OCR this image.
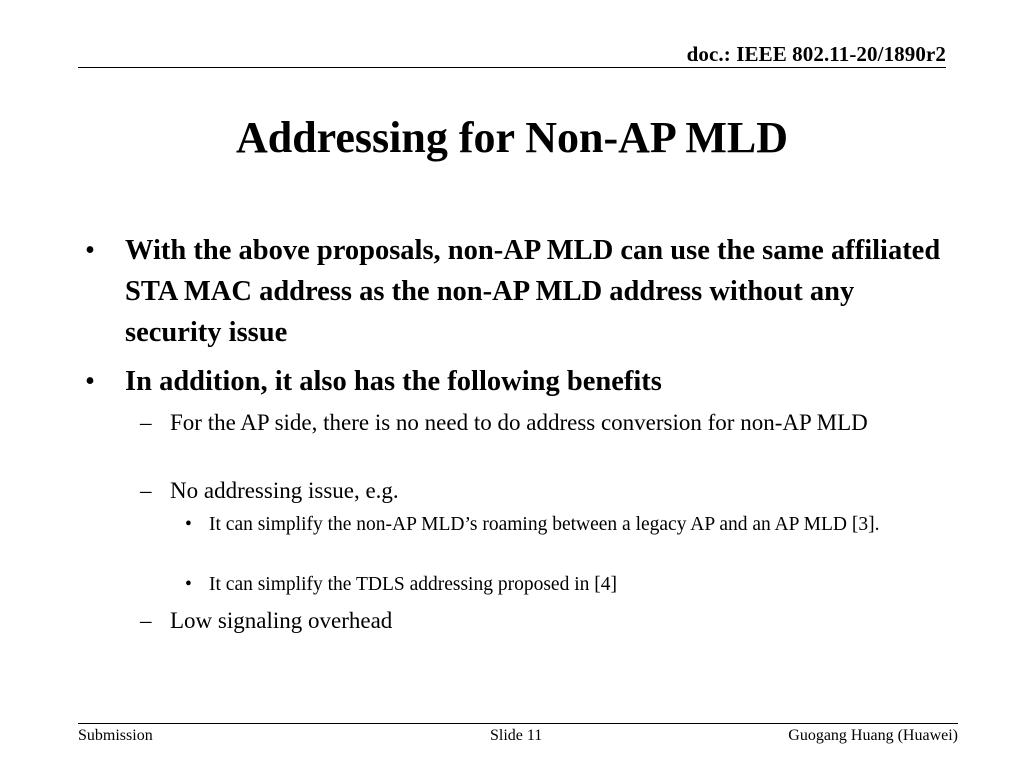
doc.: IEEE 802.11-20/1890r2
Addressing for Non-AP MLD
• With the above proposals, non-AP MLD can use the same affiliated STA MAC address as the non-AP MLD address without any security issue
• In addition, it also has the following benefits
– For the AP side, there is no need to do address conversion for non-AP MLD
– No addressing issue, e.g.
• It can simplify the non-AP MLD’s roaming between a legacy AP and an AP MLD [3].
• It can simplify the TDLS addressing proposed in [4]
– Low signaling overhead
Submission	Slide 11	Guogang Huang (Huawei)
